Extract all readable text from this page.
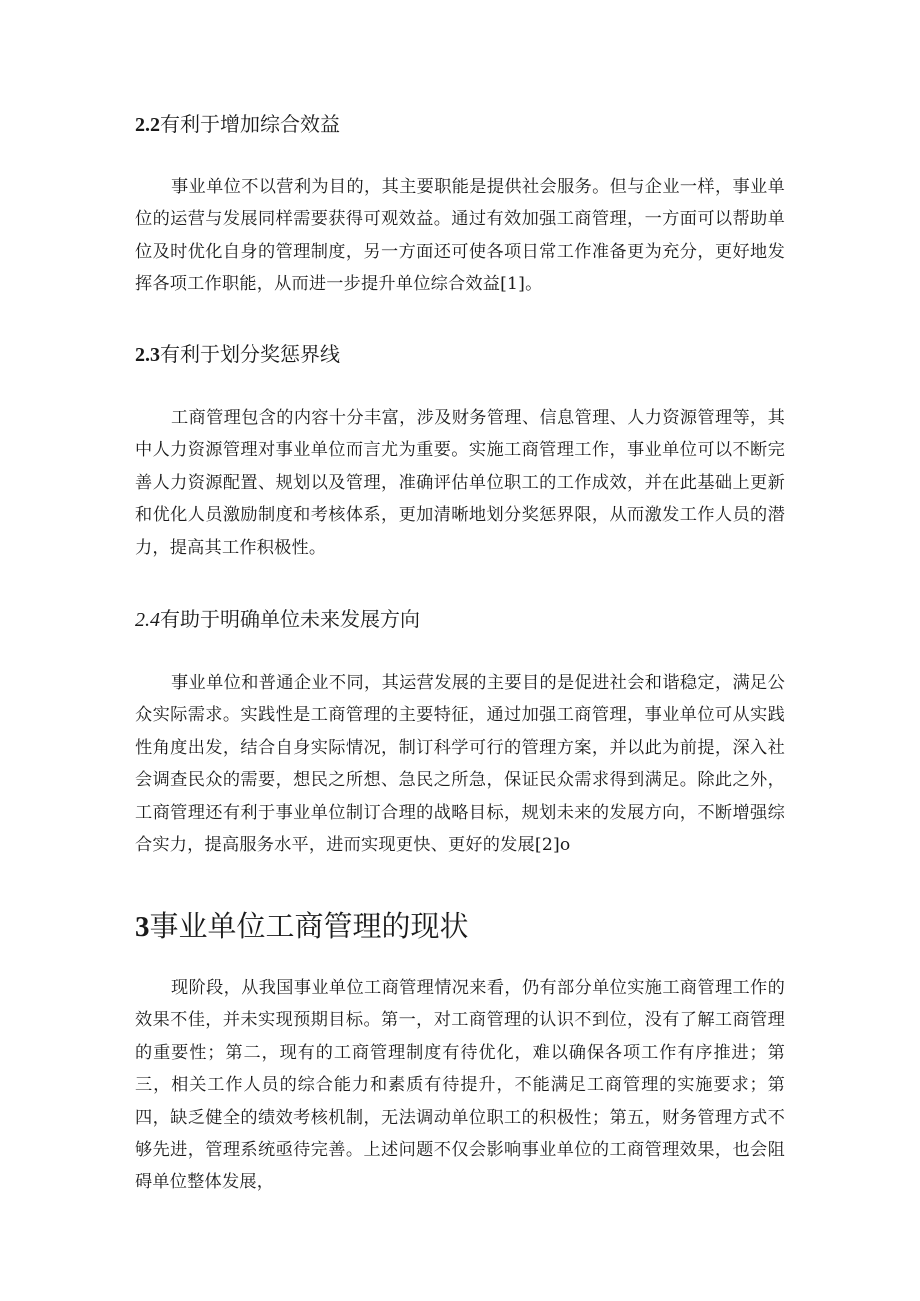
2.2有利于增加综合效益

事业单位不以营利为目的，其主要职能是提供社会服务。但与企业一样，事业单位的运营与发展同样需要获得可观效益。通过有效加强工商管理，一方面可以帮助单位及时优化自身的管理制度，另一方面还可使各项日常工作准备更为充分，更好地发挥各项工作职能，从而进一步提升单位综合效益[1]。

2.3有利于划分奖惩界线

工商管理包含的内容十分丰富，涉及财务管理、信息管理、人力资源管理等，其中人力资源管理对事业单位而言尤为重要。实施工商管理工作，事业单位可以不断完善人力资源配置、规划以及管理，准确评估单位职工的工作成效，并在此基础上更新和优化人员激励制度和考核体系，更加清晰地划分奖惩界限，从而激发工作人员的潜力，提高其工作积极性。

2.4有助于明确单位未来发展方向

事业单位和普通企业不同，其运营发展的主要目的是促进社会和谐稳定，满足公众实际需求。实践性是工商管理的主要特征，通过加强工商管理，事业单位可从实践性角度出发，结合自身实际情况，制订科学可行的管理方案，并以此为前提，深入社会调查民众的需要，想民之所想、急民之所急，保证民众需求得到满足。除此之外，工商管理还有利于事业单位制订合理的战略目标，规划未来的发展方向，不断增强综合实力，提高服务水平，进而实现更快、更好的发展[2]o

3事业单位工商管理的现状

现阶段，从我国事业单位工商管理情况来看，仍有部分单位实施工商管理工作的效果不佳，并未实现预期目标。第一，对工商管理的认识不到位，没有了解工商管理的重要性；第二，现有的工商管理制度有待优化，难以确保各项工作有序推进；第三，相关工作人员的综合能力和素质有待提升，不能满足工商管理的实施要求；第四，缺乏健全的绩效考核机制，无法调动单位职工的积极性；第五，财务管理方式不够先进，管理系统亟待完善。上述问题不仅会影响事业单位的工商管理效果，也会阻碍单位整体发展，
